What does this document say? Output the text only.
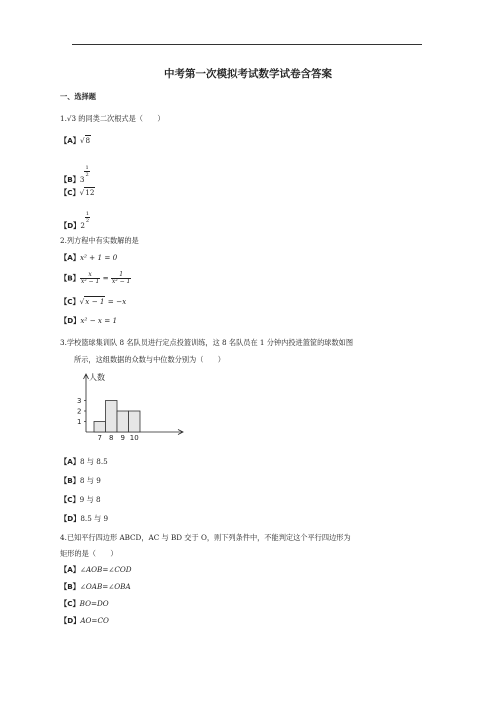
中考第一次模拟考试数学试卷含答案
一、选择题
1.√3 的同类二次根式是（　　）
【A】√8
【B】3
$\frac{1}{2}$
【C】√12
【D】2
$\frac{1}{2}$
2.列方程中有实数解的是
【A】x² + 1 = 0
【B】 $\frac{x}{\text{x² − 1}} = \frac{1}{\text{x² − 1}}$
【C】√x − 1 = −x
【D】x² − x = 1
3.学校篮球集训队 8 名队员进行定点投篮训练，这 8 名队员在 1 分钟内投进篮筐的球数如图
所示，这组数据的众数与中位数分别为（　　）
人数
1
2
3
7 8 9 10
【A】8 与 8.5
【B】8 与 9
【C】9 与 8
【D】8.5 与 9
4.已知平行四边形 ABCD，AC 与 BD 交于 O，则下列条件中，不能判定这个平行四边形为
矩形的是（　　）
【A】∠AOB=∠COD
【B】∠OAB=∠OBA
【C】BO=DO
【D】AO=CO
